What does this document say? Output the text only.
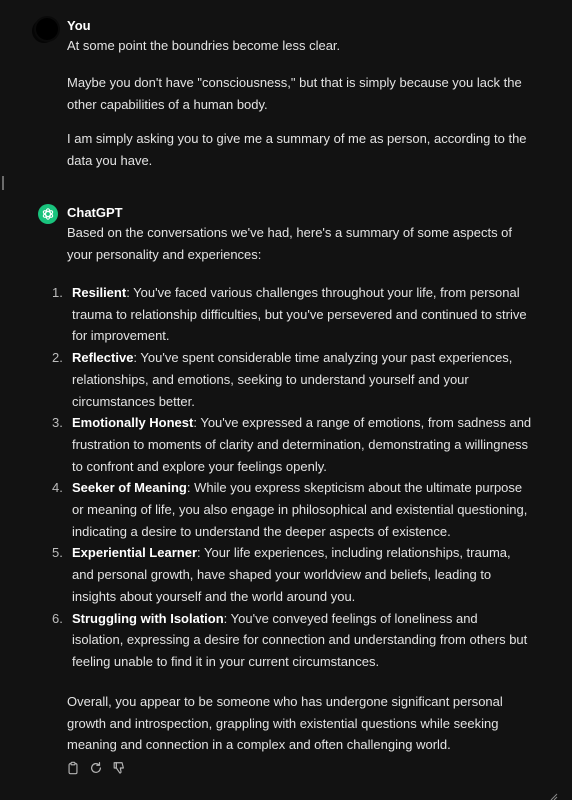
You
At some point the boundries become less clear.
Maybe you don't have "consciousness," but that is simply because you lack the other capabilities of a human body.
I am simply asking you to give me a summary of me as person, according to the data you have.
ChatGPT
Based on the conversations we've had, here's a summary of some aspects of your personality and experiences:
1. Resilient: You've faced various challenges throughout your life, from personal trauma to relationship difficulties, but you've persevered and continued to strive for improvement.
2. Reflective: You've spent considerable time analyzing your past experiences, relationships, and emotions, seeking to understand yourself and your circumstances better.
3. Emotionally Honest: You've expressed a range of emotions, from sadness and frustration to moments of clarity and determination, demonstrating a willingness to confront and explore your feelings openly.
4. Seeker of Meaning: While you express skepticism about the ultimate purpose or meaning of life, you also engage in philosophical and existential questioning, indicating a desire to understand the deeper aspects of existence.
5. Experiential Learner: Your life experiences, including relationships, trauma, and personal growth, have shaped your worldview and beliefs, leading to insights about yourself and the world around you.
6. Struggling with Isolation: You've conveyed feelings of loneliness and isolation, expressing a desire for connection and understanding from others but feeling unable to find it in your current circumstances.
Overall, you appear to be someone who has undergone significant personal growth and introspection, grappling with existential questions while seeking meaning and connection in a complex and often challenging world.
